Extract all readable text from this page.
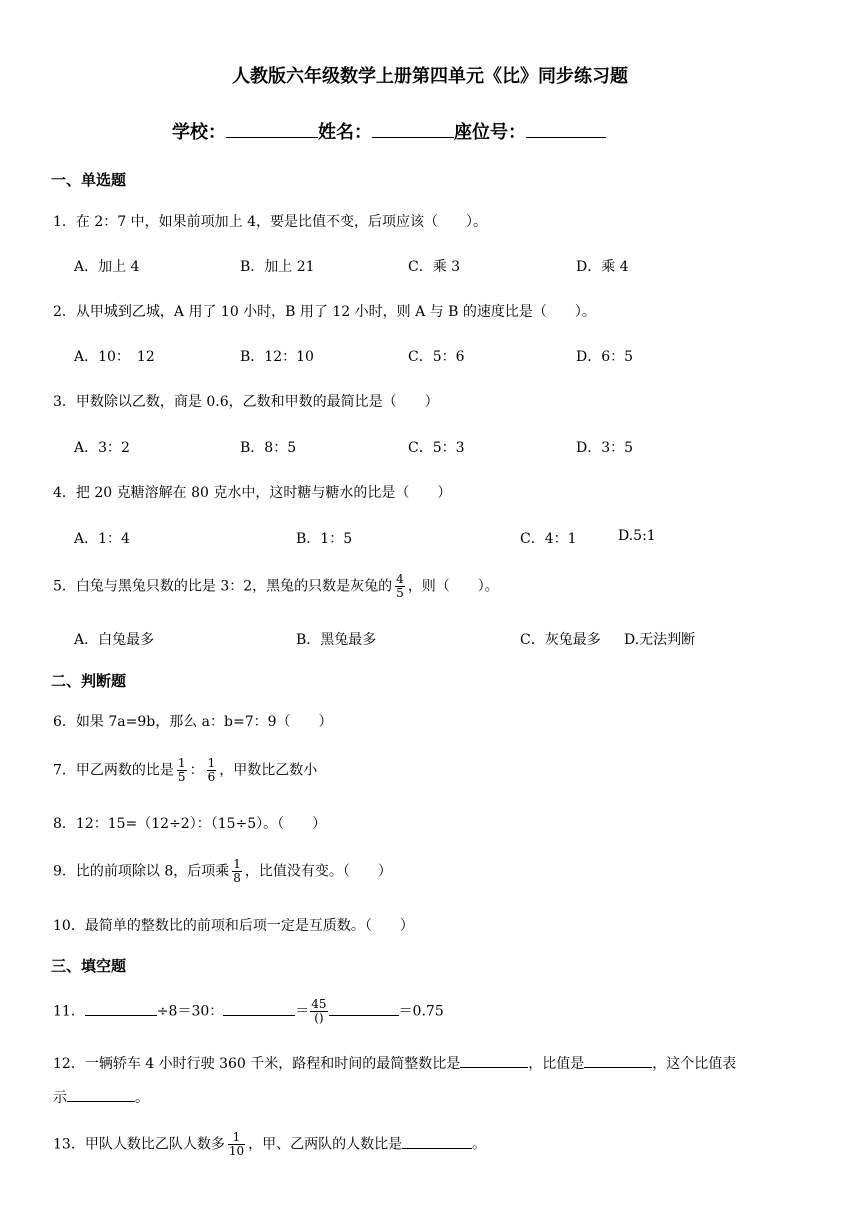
人教版六年级数学上册第四单元《比》同步练习题
学校：	姓名：	座位号：
一、单选题
1．在 2：7 中，如果前项加上 4，要是比值不变，后项应该（　　）。
A．加上 4	B．加上 21	C．乘 3	D．乘 4
2．从甲城到乙城，A 用了 10 小时，B 用了 12 小时，则 A 与 B 的速度比是（　　）。
A．10：　12	B．12：10	C．5：6	D．6：5
3．甲数除以乙数，商是 0.6，乙数和甲数的最简比是（　　）
A．3：2	B．8：5	C．5：3	D．3：5
4．把 20 克糖溶解在 80 克水中，这时糖与糖水的比是（　　）
A．1：4	B．1：5	C．4：1	D.5:1
5．白兔与黑兔只数的比是 3：2，黑兔的只数是灰兔的 $\frac{4}{5}$ ，则（　　）。
A．白兔最多	B．黑兔最多	C．灰兔最多 D.无法判断
二、判断题
6．如果 7a=9b，那么 a：b=7：9（　　）
7．甲乙两数的比是 $\frac{1}{5}$ ： $\frac{1}{6}$ ，甲数比乙数小
8．12：15=（12÷2）：（15÷5）。（　　）
9．比的前项除以 8，后项乘 $\frac{1}{8}$ ，比值没有变。（　　）
10．最简单的整数比的前项和后项一定是互质数。（　　）
三、填空题
11．	÷8＝30：	＝ $\frac{45}{()}$	＝0.75
12．一辆轿车 4 小时行驶 360 千米，路程和时间的最简整数比是	，比值是	，这个比值表
示	。
13．甲队人数比乙队人数多 $\frac{1}{10}$ ，甲、乙两队的人数比是	。
